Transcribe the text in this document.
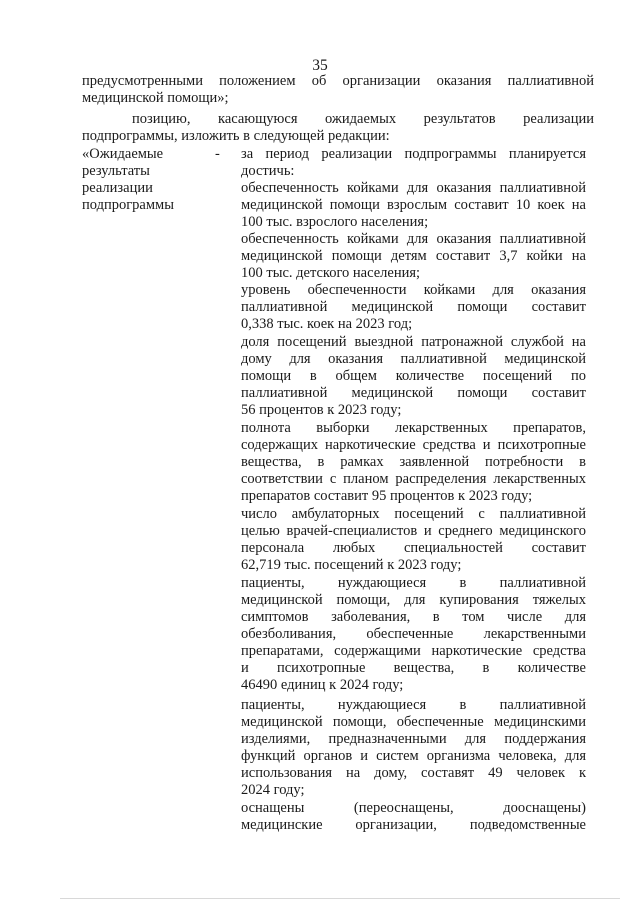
35
предусмотренными положением об организации оказания паллиативной
медицинской помощи»;
позицию, касающуюся ожидаемых результатов реализации
подпрограммы, изложить в следующей редакции:
«Ожидаемые
результаты
реализации
подпрограммы
- за период реализации подпрограммы планируется
достичь:
обеспеченность койками для оказания паллиативной
медицинской помощи взрослым составит 10 коек на
100 тыс. взрослого населения;
обеспеченность койками для оказания паллиативной
медицинской помощи детям составит 3,7 койки на
100 тыс. детского населения;
уровень обеспеченности койками для оказания
паллиативной медицинской помощи составит
0,338 тыс. коек на 2023 год;
доля посещений выездной патронажной службой на
дому для оказания паллиативной медицинской
помощи в общем количестве посещений по
паллиативной медицинской помощи составит
56 процентов к 2023 году;
полнота выборки лекарственных препаратов,
содержащих наркотические средства и психотропные
вещества, в рамках заявленной потребности в
соответствии с планом распределения лекарственных
препаратов составит 95 процентов к 2023 году;
число амбулаторных посещений с паллиативной
целью врачей-специалистов и среднего медицинского
персонала любых специальностей составит
62,719 тыс. посещений к 2023 году;
пациенты, нуждающиеся в паллиативной
медицинской помощи, для купирования тяжелых
симптомов заболевания, в том числе для
обезболивания, обеспеченные лекарственными
препаратами, содержащими наркотические средства
и психотропные вещества, в количестве
46490 единиц к 2024 году;
пациенты, нуждающиеся в паллиативной
медицинской помощи, обеспеченные медицинскими
изделиями, предназначенными для поддержания
функций органов и систем организма человека, для
использования на дому, составят 49 человек к
2024 году;
оснащены (переоснащены, дооснащены)
медицинские организации, подведомственные
